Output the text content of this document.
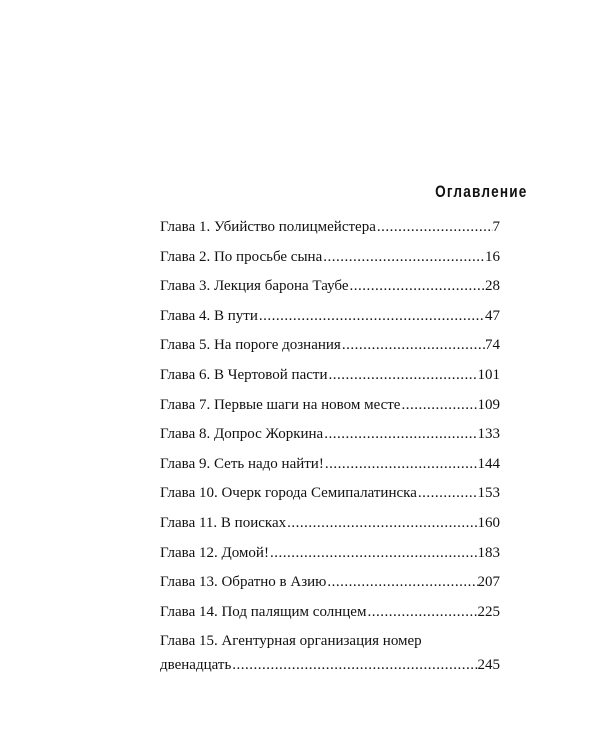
Оглавление
Глава 1. Убийство полицмейстера .....	7
Глава 2. По просьбе сына .....	16
Глава 3. Лекция барона Таубе .....	28
Глава 4. В пути .....	47
Глава 5. На пороге дознания .....	74
Глава 6. В Чертовой пасти .....	101
Глава 7. Первые шаги на новом месте .....	109
Глава 8. Допрос Жоркина .....	133
Глава 9. Сеть надо найти! .....	144
Глава 10. Очерк города Семипалатинска .....	153
Глава 11. В поисках .....	160
Глава 12. Домой! .....	183
Глава 13. Обратно в Азию .....	207
Глава 14. Под палящим солнцем .....	225
Глава 15. Агентурная организация номер
двенадцать .....	245
